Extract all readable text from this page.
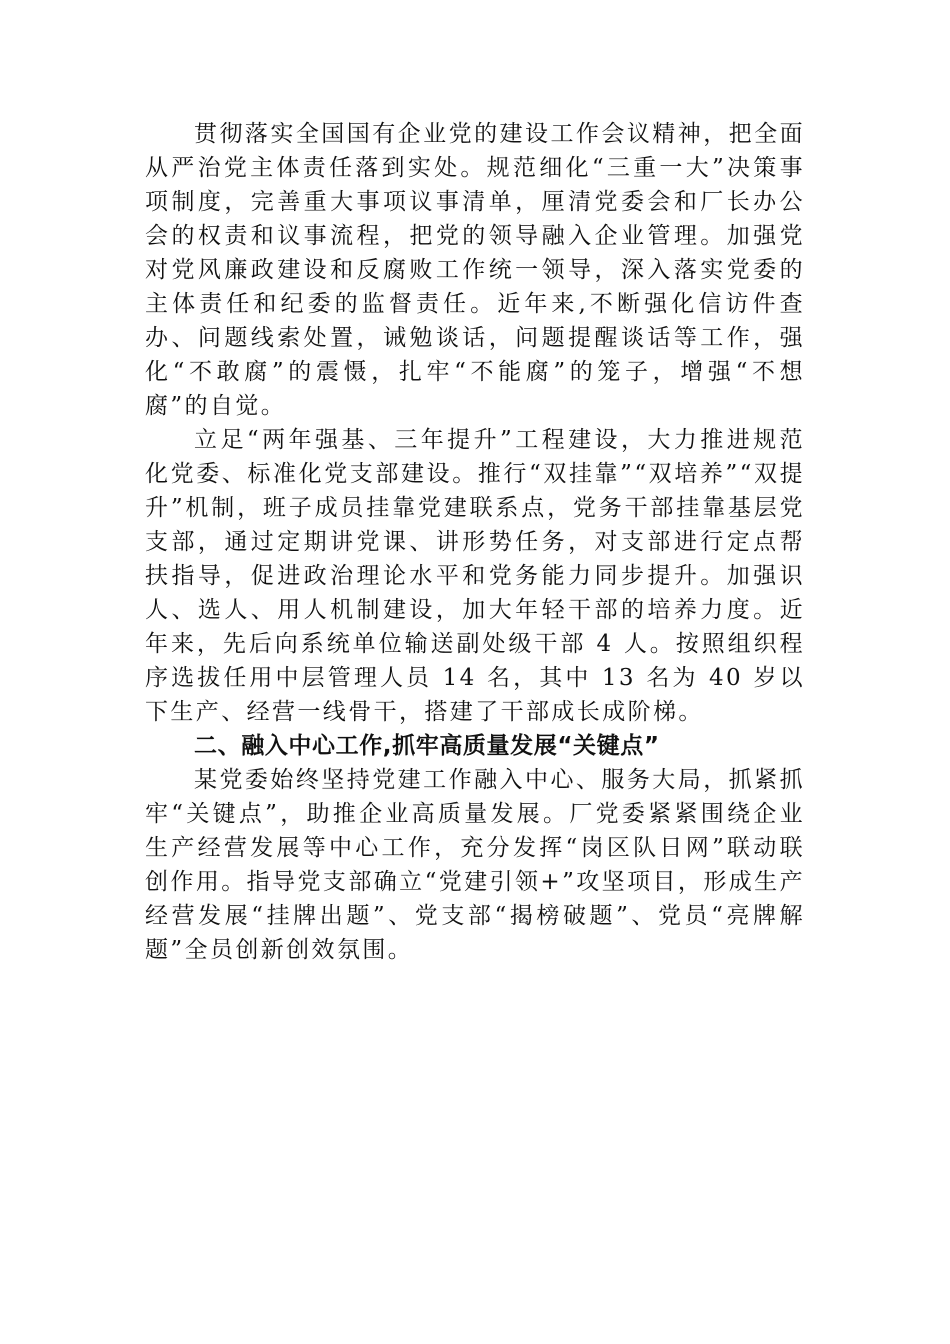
贯彻落实全国国有企业党的建设工作会议精神，把全面从严治党主体责任落到实处。规范细化“三重一大”决策事项制度，完善重大事项议事清单，厘清党委会和厂长办公会的权责和议事流程，把党的领导融入企业管理。加强党对党风廉政建设和反腐败工作统一领导，深入落实党委的主体责任和纪委的监督责任。近年来,不断强化信访件查办、问题线索处置，诫勉谈话，问题提醒谈话等工作，强化“不敢腐”的震慑，扎牢“不能腐”的笼子，增强“不想腐”的自觉。

立足“两年强基、三年提升”工程建设，大力推进规范化党委、标准化党支部建设。推行“双挂靠”“双培养”“双提升”机制，班子成员挂靠党建联系点，党务干部挂靠基层党支部，通过定期讲党课、讲形势任务，对支部进行定点帮扶指导，促进政治理论水平和党务能力同步提升。加强识人、选人、用人机制建设，加大年轻干部的培养力度。近年来，先后向系统单位输送副处级干部 4 人。按照组织程序选拔任用中层管理人员 14 名，其中 13 名为 40 岁以下生产、经营一线骨干，搭建了干部成长成阶梯。

二、融入中心工作,抓牢高质量发展“关键点”

某党委始终坚持党建工作融入中心、服务大局，抓紧抓牢“关键点”，助推企业高质量发展。厂党委紧紧围绕企业生产经营发展等中心工作，充分发挥“岗区队日网”联动联创作用。指导党支部确立“党建引领+”攻坚项目，形成生产经营发展“挂牌出题”、党支部“揭榜破题”、党员“亮牌解题”全员创新创效氛围。
